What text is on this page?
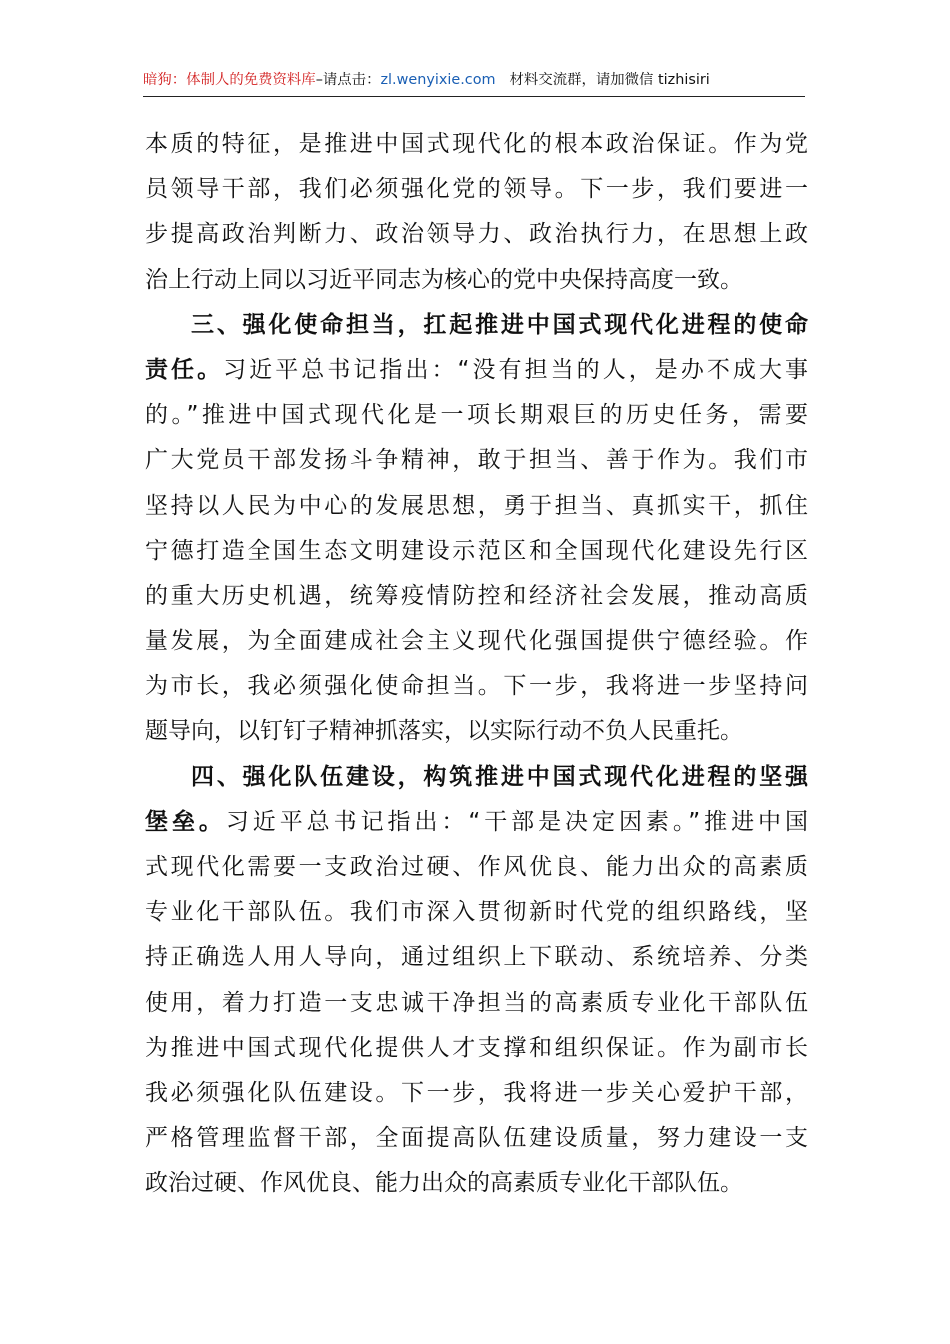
暗狗：体制人的免费资料库–请点击：zl.wenyixie.com 材料交流群，请加微信 tizhisiri
本质的特征，是推进中国式现代化的根本政治保证。作为党
员领导干部，我们必须强化党的领导。下一步，我们要进一
步提高政治判断力、政治领导力、政治执行力，在思想上政
治上行动上同以习近平同志为核心的党中央保持高度一致。
三、强化使命担当，扛起推进中国式现代化进程的使命
责任。习近平总书记指出：“没有担当的人，是办不成大事
的。”推进中国式现代化是一项长期艰巨的历史任务，需要
广大党员干部发扬斗争精神，敢于担当、善于作为。我们市
坚持以人民为中心的发展思想，勇于担当、真抓实干，抓住
宁德打造全国生态文明建设示范区和全国现代化建设先行区
的重大历史机遇，统筹疫情防控和经济社会发展，推动高质
量发展，为全面建成社会主义现代化强国提供宁德经验。作
为市长，我必须强化使命担当。下一步，我将进一步坚持问
题导向，以钉钉子精神抓落实，以实际行动不负人民重托。
四、强化队伍建设，构筑推进中国式现代化进程的坚强
堡垒。习近平总书记指出：“干部是决定因素。”推进中国
式现代化需要一支政治过硬、作风优良、能力出众的高素质
专业化干部队伍。我们市深入贯彻新时代党的组织路线，坚
持正确选人用人导向，通过组织上下联动、系统培养、分类
使用，着力打造一支忠诚干净担当的高素质专业化干部队伍
为推进中国式现代化提供人才支撑和组织保证。作为副市长
我必须强化队伍建设。下一步，我将进一步关心爱护干部，
严格管理监督干部，全面提高队伍建设质量，努力建设一支
政治过硬、作风优良、能力出众的高素质专业化干部队伍。
